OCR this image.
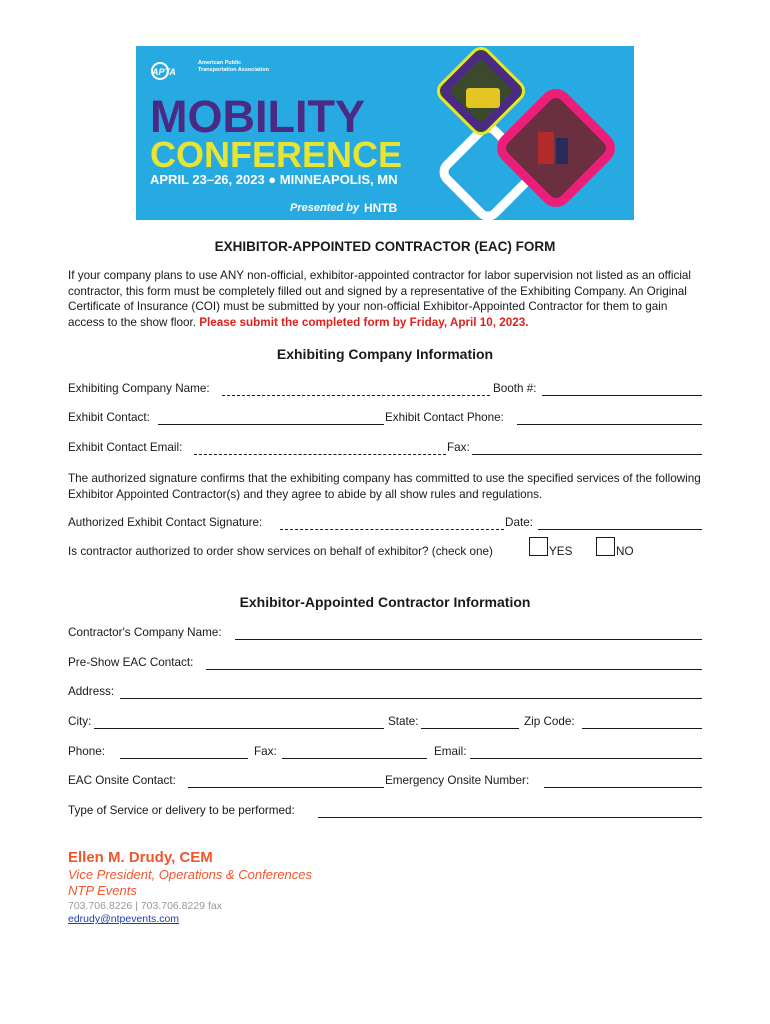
APTA
American Public Transportation Association
MOBILITY
CONFERENCE
APRIL 23–26, 2023 ● MINNEAPOLIS, MN
Presented by HNTB
EXHIBITOR-APPOINTED CONTRACTOR (EAC) FORM
If your company plans to use ANY non-official, exhibitor-appointed contractor for labor supervision not listed as an official contractor, this form must be completely filled out and signed by a representative of the Exhibiting Company. An Original Certificate of Insurance (COI) must be submitted by your non-official Exhibitor-Appointed Contractor for them to gain access to the show floor. Please submit the completed form by Friday, April 10, 2023.
Exhibiting Company Information
Exhibiting Company Name:	Booth #:
Exhibit Contact:	Exhibit Contact Phone:
Exhibit Contact Email:	Fax:
The authorized signature confirms that the exhibiting company has committed to use the specified services of the following Exhibitor Appointed Contractor(s) and they agree to abide by all show rules and regulations.
Authorized Exhibit Contact Signature:	Date:
Is contractor authorized to order show services on behalf of exhibitor? (check one)	YES	NO
Exhibitor-Appointed Contractor Information
Contractor's Company Name:
Pre-Show EAC Contact:
Address:
City:	State:	Zip Code:
Phone:	Fax:	Email:
EAC Onsite Contact:	Emergency Onsite Number:
Type of Service or delivery to be performed:
Ellen M. Drudy, CEM
Vice President, Operations & Conferences
NTP Events
703.706.8226 | 703.706.8229 fax
edrudy@ntpevents.com
